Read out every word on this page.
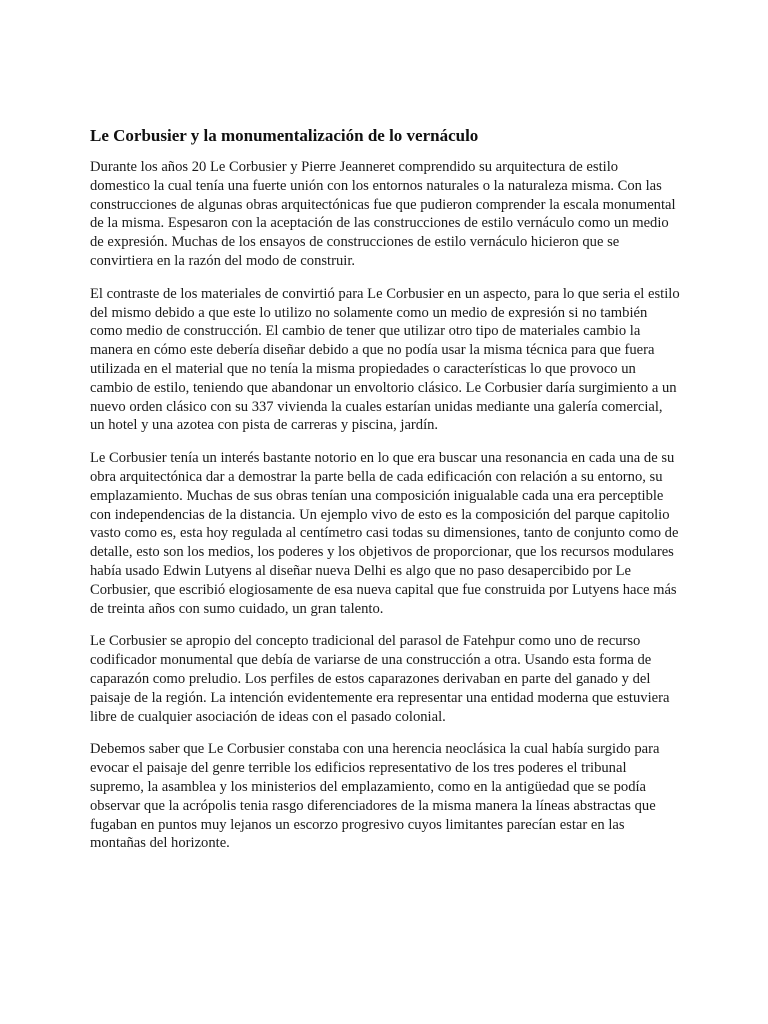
Le Corbusier y la monumentalización de lo vernáculo

Durante los años 20 Le Corbusier y Pierre Jeanneret comprendido su arquitectura de estilo domestico la cual tenía una fuerte unión con los entornos naturales o la naturaleza misma. Con las construcciones de algunas obras arquitectónicas fue que pudieron comprender la escala monumental de la misma. Espesaron con la aceptación de las construcciones de estilo vernáculo como un medio de expresión. Muchas de los ensayos de construcciones de estilo vernáculo hicieron que se convirtiera en la razón del modo de construir.

El contraste de los materiales de convirtió para Le Corbusier en un aspecto, para lo que seria el estilo del mismo debido a que este lo utilizo no solamente como un medio de expresión si no también como medio de construcción. El cambio de tener que utilizar otro tipo de materiales cambio la manera en cómo este debería diseñar debido a que no podía usar la misma técnica para que fuera utilizada en el material que no tenía la misma propiedades o características lo que provoco un cambio de estilo, teniendo que abandonar un envoltorio clásico. Le Corbusier daría surgimiento a un nuevo orden clásico con su 337 vivienda la cuales estarían unidas mediante una galería comercial, un hotel y una azotea con pista de carreras y piscina, jardín.

Le Corbusier tenía un interés bastante notorio en lo que era buscar una resonancia en cada una de su obra arquitectónica dar a demostrar la parte bella de cada edificación con relación a su entorno, su emplazamiento. Muchas de sus obras tenían una composición inigualable cada una era perceptible con independencias de la distancia. Un ejemplo vivo de esto es la composición del parque capitolio vasto como es, esta hoy regulada al centímetro casi todas su dimensiones, tanto de conjunto como de detalle, esto son los medios, los poderes y los objetivos de proporcionar, que los recursos modulares había usado Edwin Lutyens al diseñar nueva Delhi es algo que no paso desapercibido por Le Corbusier, que escribió elogiosamente de esa nueva capital que fue construida por Lutyens hace más de treinta años con sumo cuidado, un gran talento.

Le Corbusier se apropio del concepto tradicional del parasol de Fatehpur como uno de recurso codificador monumental que debía de variarse de una construcción a otra. Usando esta forma de caparazón como preludio. Los perfiles de estos caparazones derivaban en parte del ganado y del paisaje de la región. La intención evidentemente era representar una entidad moderna que estuviera libre de cualquier asociación de ideas con el pasado colonial.

Debemos saber que Le Corbusier constaba con una herencia neoclásica la cual había surgido para evocar el paisaje del genre terrible los edificios representativo de los tres poderes el tribunal supremo, la asamblea y los ministerios del emplazamiento, como en la antigüedad que se podía observar que la acrópolis tenia rasgo diferenciadores de la misma manera la líneas abstractas que fugaban en puntos muy lejanos un escorzo progresivo cuyos limitantes parecían estar en las montañas del horizonte.
